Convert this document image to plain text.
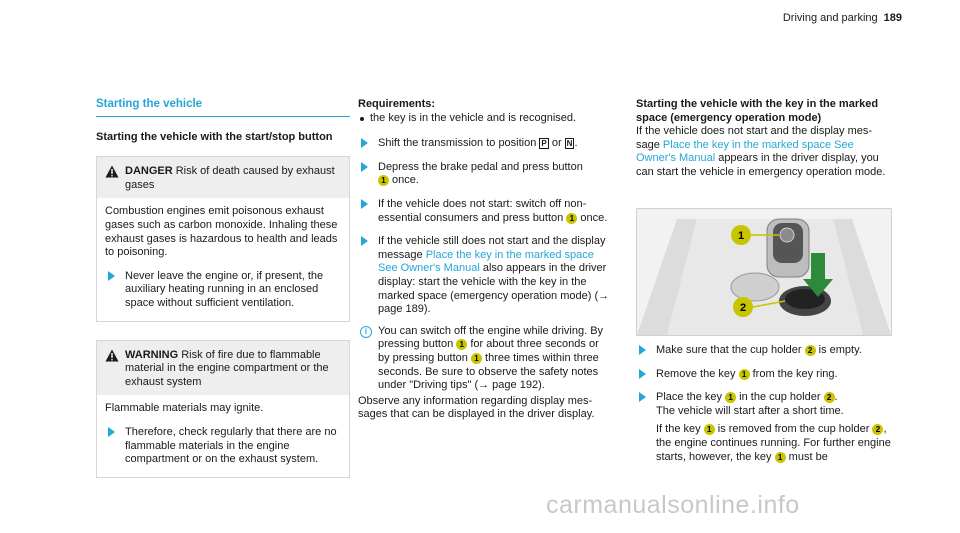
Driving and parking 189
Starting the vehicle
Starting the vehicle with the start/stop button
DANGER Risk of death caused by exhaust gases
Combustion engines emit poisonous exhaust gases such as carbon monoxide. Inhaling these exhaust gases is hazardous to health and leads to poisoning.
Never leave the engine or, if present, the auxiliary heating running in an enclosed space without sufficient ventilation.
WARNING Risk of fire due to flammable material in the engine compartment or the exhaust system
Flammable materials may ignite.
Therefore, check regularly that there are no flammable materials in the engine compartment or on the exhaust system.
Requirements:
the key is in the vehicle and is recognised.
Shift the transmission to position P or N .
Depress the brake pedal and press button
1 once.
If the vehicle does not start: switch off non-essential consumers and press button 1 once.
If the vehicle still does not start and the display message Place the key in the marked space See Owner's Manual also appears in the driver display: start the vehicle with the key in the marked space (emergency operation mode) (→ page 189).
i You can switch off the engine while driving. By pressing button 1 for about three seconds or by pressing button 1 three times within three seconds. Be sure to observe the safety notes under "Driving tips" (→ page 192).
Observe any information regarding display messages that can be displayed in the driver display.
Starting the vehicle with the key in the marked space (emergency operation mode)
If the vehicle does not start and the display message Place the key in the marked space See Owner's Manual appears in the driver display, you can start the vehicle in emergency operation mode.
1
2
Make sure that the cup holder 2 is empty.
Remove the key 1 from the key ring.
Place the key 1 in the cup holder 2 .
The vehicle will start after a short time.
If the key 1 is removed from the cup holder 2 , the engine continues running. For further engine starts, however, the key 1 must be
carmanualsonline.info
